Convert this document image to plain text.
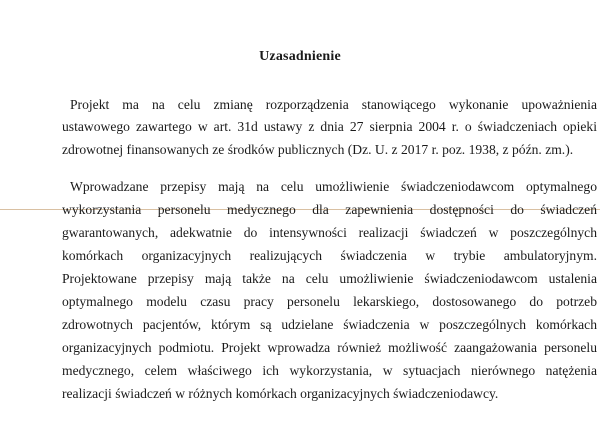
Uzasadnienie
Projekt ma na celu zmianę rozporządzenia stanowiącego wykonanie upoważnienia
ustawowego zawartego w art. 31d ustawy z dnia 27 sierpnia 2004 r. o świadczeniach opieki
zdrowotnej finansowanych ze środków publicznych (Dz. U. z 2017 r. poz. 1938, z późn. zm.).
Wprowadzane przepisy mają na celu umożliwienie świadczeniodawcom optymalnego
wykorzystania personelu medycznego dla zapewnienia dostępności do świadczeń
gwarantowanych, adekwatnie do intensywności realizacji świadczeń w poszczególnych
komórkach organizacyjnych realizujących świadczenia w trybie ambulatoryjnym.
Projektowane przepisy mają także na celu umożliwienie świadczeniodawcom ustalenia
optymalnego modelu czasu pracy personelu lekarskiego, dostosowanego do potrzeb
zdrowotnych pacjentów, którym są udzielane świadczenia w poszczególnych komórkach
organizacyjnych podmiotu. Projekt wprowadza również możliwość zaangażowania personelu
medycznego, celem właściwego ich wykorzystania, w sytuacjach nierównego natężenia
realizacji świadczeń w różnych komórkach organizacyjnych świadczeniodawcy.
